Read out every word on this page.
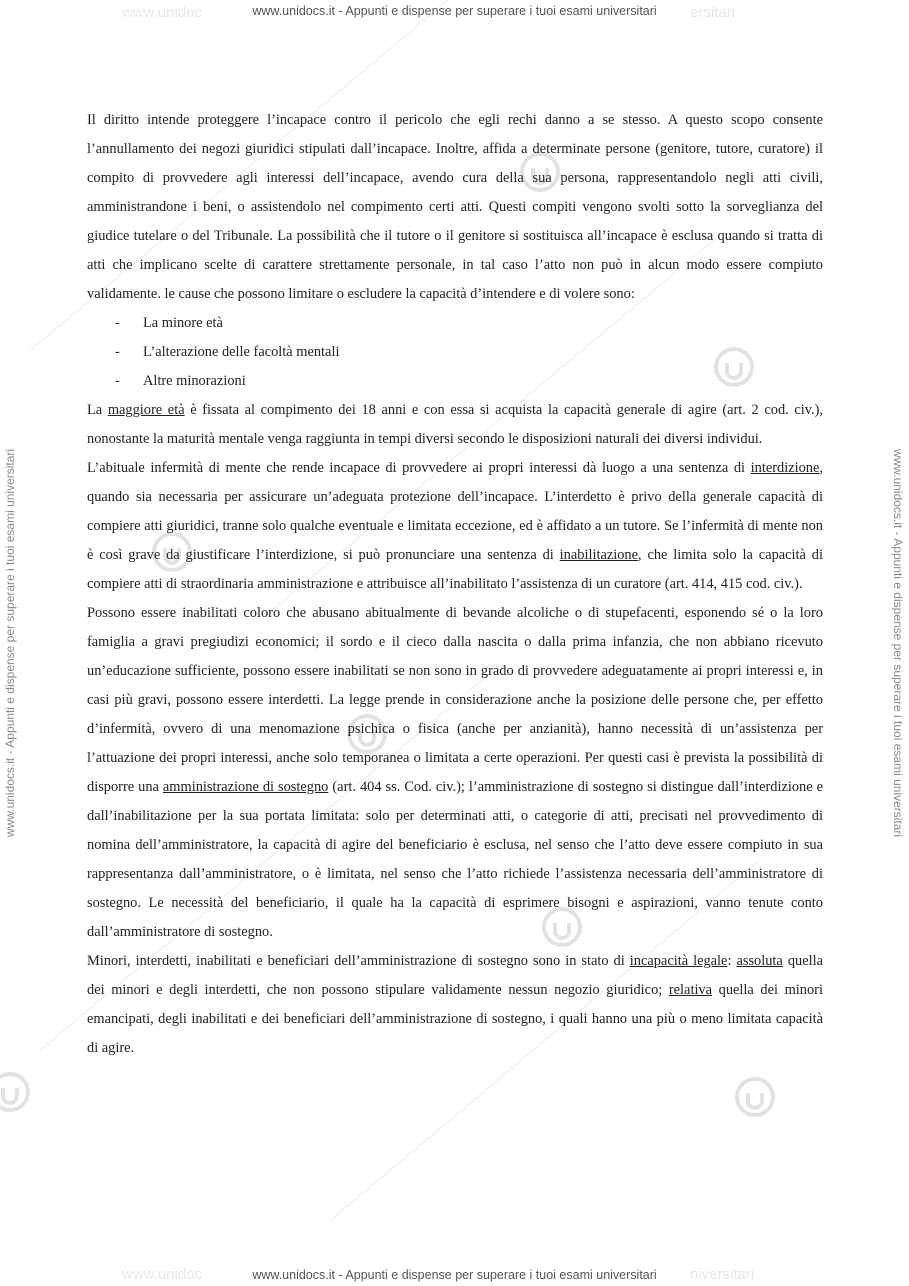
www.unidoc	ersitari
www.unidoc	niversitari
www.unidocs.it - Appunti e dispense per superare i tuoi esami universitari
www.unidocs.it - Appunti e dispense per superare i tuoi esami universitari
www.unidocs.it - Appunti e dispense per superare i tuoi esami universitari	www.unidocs.it - Appunti e dispense per superare i tuoi esami universitari

Il diritto intende proteggere l’incapace contro il pericolo che egli rechi danno a se stesso. A questo scopo consente l’annullamento dei negozi giuridici stipulati dall’incapace. Inoltre, affida a determinate persone (genitore, tutore, curatore) il compito di provvedere agli interessi dell’incapace, avendo cura della sua persona, rappresentandolo negli atti civili, amministrandone i beni, o assistendolo nel compimento certi atti. Questi compiti vengono svolti sotto la sorveglianza del giudice tutelare o del Tribunale. La possibilità che il tutore o il genitore si sostituisca all’incapace è esclusa quando si tratta di atti che implicano scelte di carattere strettamente personale, in tal caso l’atto non può in alcun modo essere compiuto validamente. le cause che possono limitare o escludere la capacità d’intendere e di volere sono:

- La minore età
- L’alterazione delle facoltà mentali
- Altre minorazioni

La maggiore età è fissata al compimento dei 18 anni e con essa si acquista la capacità generale di agire (art. 2 cod. civ.), nonostante la maturità mentale venga raggiunta in tempi diversi secondo le disposizioni naturali dei diversi individui.

L’abituale infermità di mente che rende incapace di provvedere ai propri interessi dà luogo a una sentenza di interdizione, quando sia necessaria per assicurare un’adeguata protezione dell’incapace. L’interdetto è privo della generale capacità di compiere atti giuridici, tranne solo qualche eventuale e limitata eccezione, ed è affidato a un tutore. Se l’infermità di mente non è così grave da giustificare l’interdizione, si può pronunciare una sentenza di inabilitazione, che limita solo la capacità di compiere atti di straordinaria amministrazione e attribuisce all’inabilitato l’assistenza di un curatore (art. 414, 415 cod. civ.).

Possono essere inabilitati coloro che abusano abitualmente di bevande alcoliche o di stupefacenti, esponendo sé o la loro famiglia a gravi pregiudizi economici; il sordo e il cieco dalla nascita o dalla prima infanzia, che non abbiano ricevuto un’educazione sufficiente, possono essere inabilitati se non sono in grado di provvedere adeguatamente ai propri interessi e, in casi più gravi, possono essere interdetti. La legge prende in considerazione anche la posizione delle persone che, per effetto d’infermità, ovvero di una menomazione psichica o fisica (anche per anzianità), hanno necessità di un’assistenza per l’attuazione dei propri interessi, anche solo temporanea o limitata a certe operazioni. Per questi casi è prevista la possibilità di disporre una amministrazione di sostegno (art. 404 ss. Cod. civ.); l’amministrazione di sostegno si distingue dall’interdizione e dall’inabilitazione per la sua portata limitata: solo per determinati atti, o categorie di atti, precisati nel provvedimento di nomina dell’amministratore, la capacità di agire del beneficiario è esclusa, nel senso che l’atto deve essere compiuto in sua rappresentanza dall’amministratore, o è limitata, nel senso che l’atto richiede l’assistenza necessaria dell’amministratore di sostegno. Le necessità del beneficiario, il quale ha la capacità di esprimere bisogni e aspirazioni, vanno tenute conto dall’amministratore di sostegno.

Minori, interdetti, inabilitati e beneficiari dell’amministrazione di sostegno sono in stato di incapacità legale: assoluta quella dei minori e degli interdetti, che non possono stipulare validamente nessun negozio giuridico; relativa quella dei minori emancipati, degli inabilitati e dei beneficiari dell’amministrazione di sostegno, i quali hanno una più o meno limitata capacità di agire.
